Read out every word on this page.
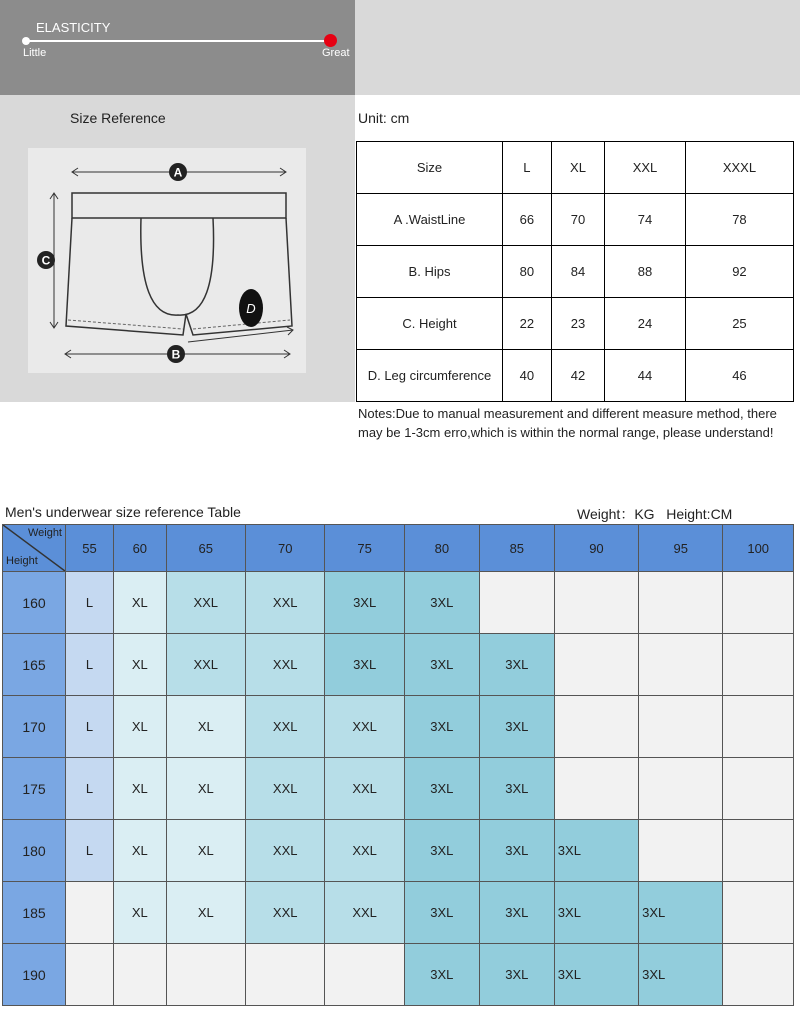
ELASTICITY
Little	Great
Size Reference
A
C
B
D
Unit: cm
Size	L	XL	XXL	XXXL
A .WaistLine	66	70	74	78
B. Hips	80	84	88	92
C. Height	22	23	24	25
D. Leg circumference	40	42	44	46
Notes:Due to manual measurement and different measure method, there may be 1-3cm erro,which is within the normal range, please understand!
Men's underwear size reference Table	Weight：KG   Height:CM
Weight
Height	55	60	65	70	75	80	85	90	95	100
160	L	XL	XXL	XXL	3XL	3XL				
165	L	XL	XXL	XXL	3XL	3XL	3XL			
170	L	XL	XL	XXL	XXL	3XL	3XL			
175	L	XL	XL	XXL	XXL	3XL	3XL			
180	L	XL	XL	XXL	XXL	3XL	3XL	3XL		
185		XL	XL	XXL	XXL	3XL	3XL	3XL	3XL	
190						3XL	3XL	3XL	3XL	
